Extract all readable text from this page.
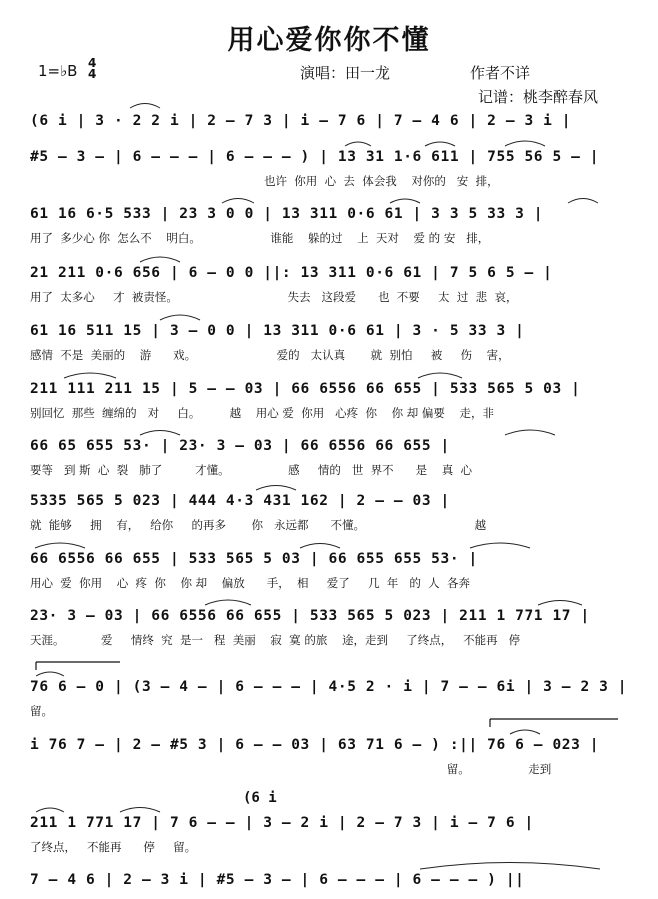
用心爱你你不懂
1=♭B 4
4	演唱：田一龙	作者不详
记谱：桃李醉春风
(6 i
(6 i | 3 · 2 2 i | 2 – 7 3 | i – 7 6 | 7 – 4 6 | 2 – 3 i |
#5 – 3 – | 6 – – – | 6 – – – ) | 13 31 1·6 611 | 755 56 5 – |
也许  你用  心  去  体会我    对你的   安  排，
61 16 6·5 533 | 23 3 0 0 | 13 311 0·6 61 | 3 3 5 33 3 |
用了  多少心 你  怎么不    明白。                   谁能    躲的过    上  天对    爱 的 安   排，
21 211 0·6 656 | 6 – 0 0 ||: 13 311 0·6 61 | 7 5 6 5 – |
用了  太多心     才  被责怪。                              失去   这段爱      也  不要     太  过  悲  哀，
61 16 511 15 | 3 – 0 0 | 13 311 0·6 61 | 3 · 5 33 3 |
感情  不是  美丽的    游      戏。                      爱的   太认真       就  别怕     被     伤    害，
211 111 211 15 | 5 – – 03 | 66 6556 66 655 | 533 565 5 03 |
别回忆  那些  缠绵的   对     白。        越    用心 爱  你用   心疼  你    你 却 偏要    走，非
66 65 655 53· | 23· 3 – 03 | 66 6556 66 655 |
要等   到 斯  心  裂   肺了         才懂。                感     情的   世  界不      是    真  心
5335 565 5 023 | 444 4·3 431 162 | 2 – – 03 |
就  能够     拥    有，   给你     的再多       你   永远都      不懂。                              越
66 6556 66 655 | 533 565 5 03 | 66 655 655 53· |
用心  爱  你用    心  疼  你    你 却    偏放      手，  相     爱了     几  年   的  人  各奔
23· 3 – 03 | 66 6556 66 655 | 533 565 5 023 | 211 1 771 17 |
天涯。          爱     情终  究  是一   程  美丽    寂  寞 的旅    途，走到     了终点，   不能再   停
76 6 – 0 | (3 – 4 – | 6 – – – | 4·5 2 · i | 7 – – 6i | 3 – 2 3 |
留。
i 76 7 – | 2 – #5 3 | 6 – – 03 | 63 71 6 – ) :|| 76 6 – 023 |
留。                走到
211 1 771 17 | 7 6 – – | 3 – 2 i | 2 – 7 3 | i – 7 6 |
了终点，   不能再      停     留。
7 – 4 6 | 2 – 3 i | #5 – 3 – | 6 – – – | 6 – – – ) ||
